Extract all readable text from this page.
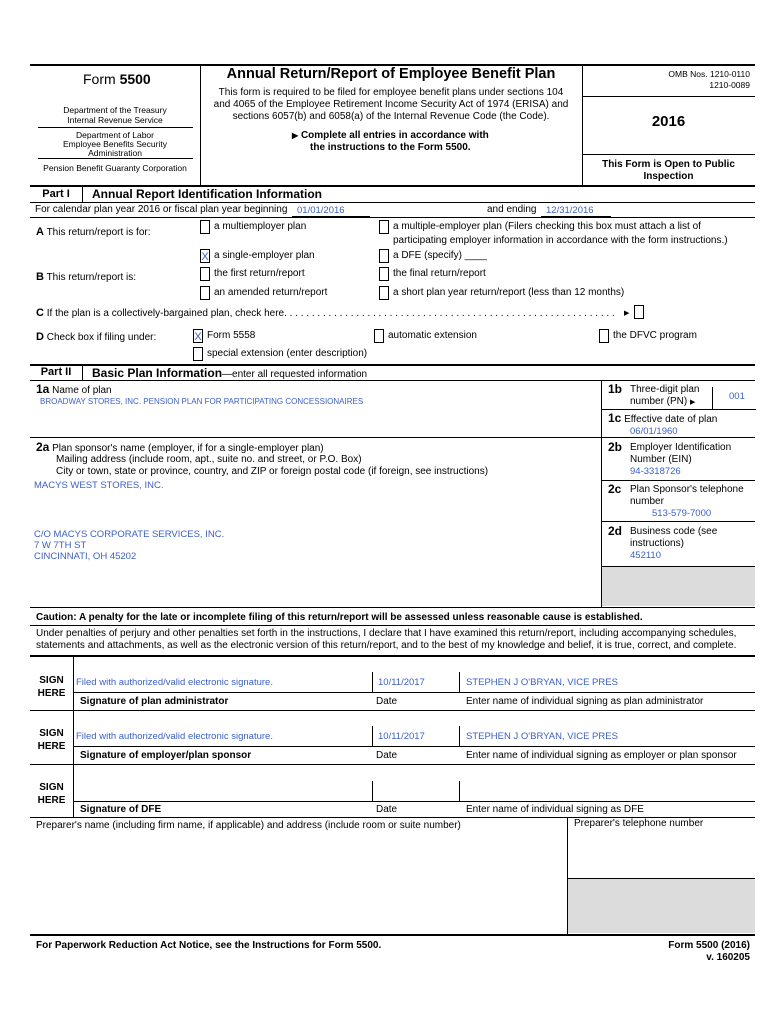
Form 5500
Department of the Treasury
Internal Revenue Service
Department of Labor
Employee Benefits Security
Administration
Pension Benefit Guaranty Corporation
Annual Return/Report of Employee Benefit Plan
This form is required to be filed for employee benefit plans under sections 104
and 4065 of the Employee Retirement Income Security Act of 1974 (ERISA) and
sections 6057(b) and 6058(a) of the Internal Revenue Code (the Code).
▶ Complete all entries in accordance with
the instructions to the Form 5500.
OMB Nos. 1210-0110
1210-0089
2016
This Form is Open to Public
Inspection
Part I	Annual Report Identification Information
For calendar plan year 2016 or fiscal plan year beginning 01/01/2016	and ending 12/31/2016
A This return/report is for:
a multiemployer plan	a multiple-employer plan (Filers checking this box must attach a list of
participating employer information in accordance with the form instructions.)
X a single-employer plan	a DFE (specify) ____
B This return/report is:	the first return/report	the final return/report
an amended return/report	a short plan year return/report (less than 12 months)
C If the plan is a collectively-bargained plan, check here. . . . . . . . . . . . . . . . . . . . . . . . . . . . . . . . . . . . . . . . . . . . . . . . . . . . . . . . . . . .	▶
D Check box if filing under:	X Form 5558	automatic extension	the DFVC program
special extension (enter description)
Part II	Basic Plan Information—enter all requested information
1a Name of plan
BROADWAY STORES, INC. PENSION PLAN FOR PARTICIPATING CONCESSIONAIRES
1b Three-digit plan
number (PN) ▶
001
1c Effective date of plan
06/01/1960
2a Plan sponsor's name (employer, if for a single-employer plan)
Mailing address (include room, apt., suite no. and street, or P.O. Box)
City or town, state or province, country, and ZIP or foreign postal code (if foreign, see instructions)
MACYS WEST STORES, INC.
C/O MACYS CORPORATE SERVICES, INC.
7 W 7TH ST
CINCINNATI, OH 45202
2b Employer Identification
Number (EIN)
94-3318726
2c Plan Sponsor's telephone
number
513-579-7000
2d Business code (see
instructions)
452110
Caution: A penalty for the late or incomplete filing of this return/report will be assessed unless reasonable cause is established.
Under penalties of perjury and other penalties set forth in the instructions, I declare that I have examined this return/report, including accompanying schedules,
statements and attachments, as well as the electronic version of this return/report, and to the best of my knowledge and belief, it is true, correct, and complete.
SIGN
HERE
Filed with authorized/valid electronic signature.	10/11/2017	STEPHEN J O'BRYAN, VICE PRES
Signature of plan administrator	Date	Enter name of individual signing as plan administrator
SIGN
HERE
Filed with authorized/valid electronic signature.	10/11/2017	STEPHEN J O'BRYAN, VICE PRES
Signature of employer/plan sponsor	Date	Enter name of individual signing as employer or plan sponsor
SIGN
HERE
Signature of DFE	Date	Enter name of individual signing as DFE
Preparer's name (including firm name, if applicable) and address (include room or suite number)	Preparer's telephone number
For Paperwork Reduction Act Notice, see the Instructions for Form 5500.	Form 5500 (2016)
v. 160205
